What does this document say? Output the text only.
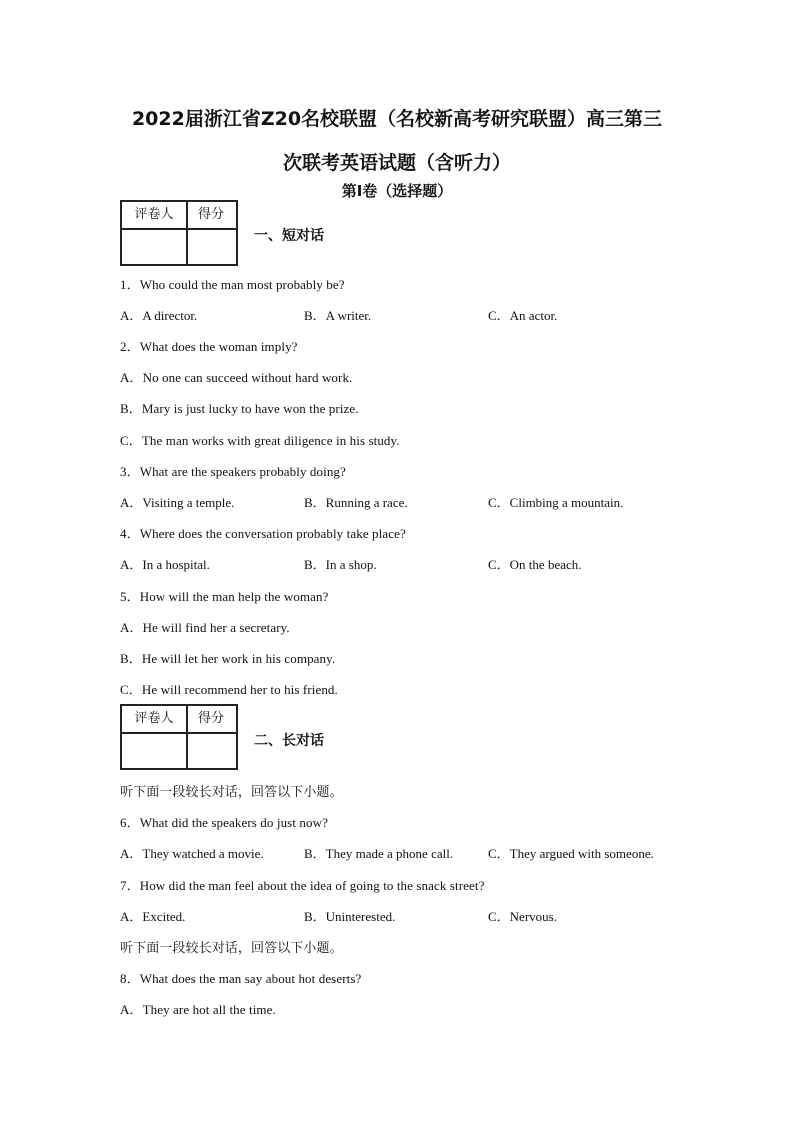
2022届浙江省Z20名校联盟（名校新高考研究联盟）高三第三
次联考英语试题（含听力）
第I卷（选择题）
评卷人	得分
一、短对话
1．Who could the man most probably be?
A．A director.	B．A writer.	C．An actor.
2．What does the woman imply?
A．No one can succeed without hard work.
B．Mary is just lucky to have won the prize.
C．The man works with great diligence in his study.
3．What are the speakers probably doing?
A．Visiting a temple.	B．Running a race.	C．Climbing a mountain.
4．Where does the conversation probably take place?
A．In a hospital.	B．In a shop.	C．On the beach.
5．How will the man help the woman?
A．He will find her a secretary.
B．He will let her work in his company.
C．He will recommend her to his friend.
评卷人	得分
二、长对话
听下面一段较长对话，回答以下小题。
6．What did the speakers do just now?
A．They watched a movie.	B．They made a phone call.	C．They argued with someone.
7．How did the man feel about the idea of going to the snack street?
A．Excited.	B．Uninterested.	C．Nervous.
听下面一段较长对话，回答以下小题。
8．What does the man say about hot deserts?
A．They are hot all the time.
